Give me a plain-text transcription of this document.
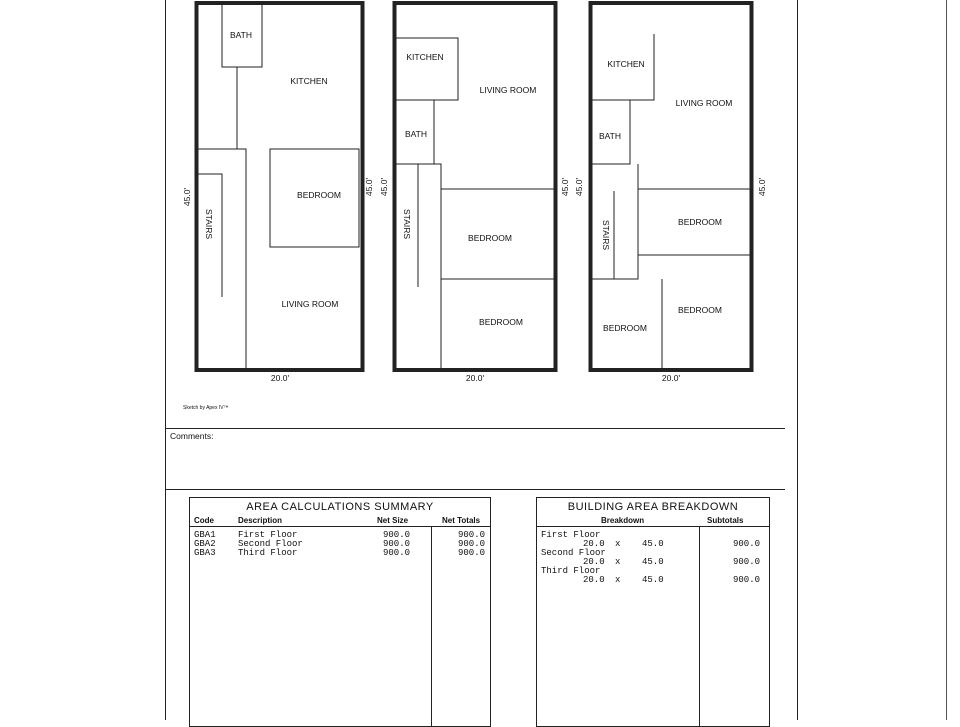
BATH
KITCHEN
BEDROOM
STAIRS
LIVING ROOM
45.0'
45.0'
20.0'
KITCHEN
LIVING ROOM
BATH
STAIRS	BEDROOM
BEDROOM
45.0'	45.0'
20.0'
KITCHEN
LIVING ROOM
BATH
STAIRS	BEDROOM
BEDROOM
BEDROOM
45.0'	45.0'
20.0'
Sketch by Apex IV™
Comments:
AREA CALCULATIONS SUMMARY
Code	Description	Net Size	Net Totals
GBA1 First Floor	900.0	900.0
GBA2 Second Floor	900.0	900.0
GBA3 Third Floor	900.0	900.0
BUILDING AREA BREAKDOWN
Breakdown	Subtotals
First Floor
20.0 x 45.0	900.0
Second Floor
20.0 x 45.0	900.0
Third Floor
20.0 x 45.0	900.0
